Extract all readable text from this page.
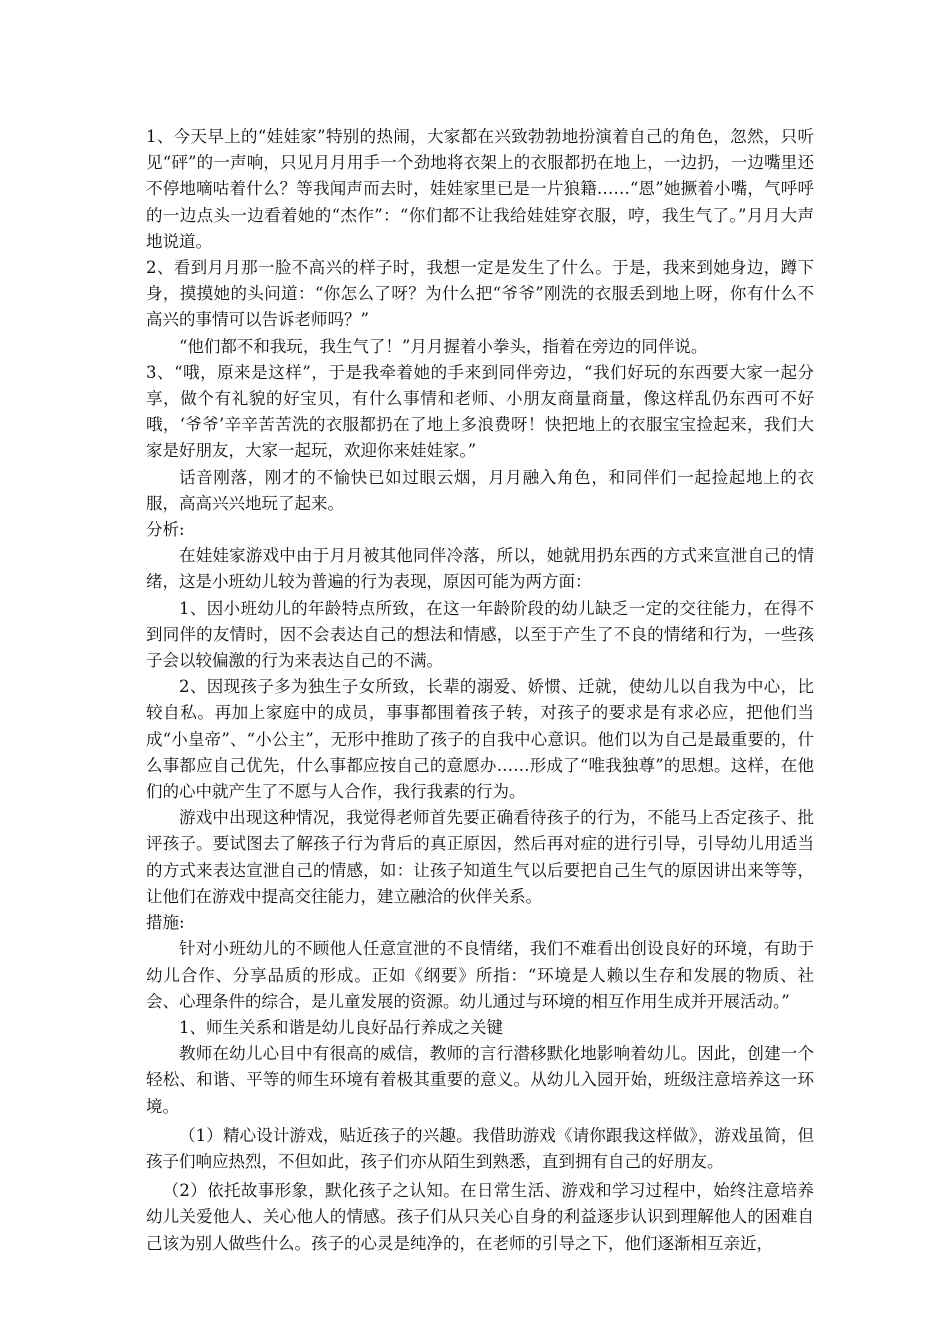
1、今天早上的“娃娃家”特别的热闹，大家都在兴致勃勃地扮演着自己的角色，忽然，只听见“砰”的一声响，只见月月用手一个劲地将衣架上的衣服都扔在地上，一边扔，一边嘴里还不停地嘀咕着什么？等我闻声而去时，娃娃家里已是一片狼籍……“恩”她撅着小嘴，气呼呼的一边点头一边看着她的“杰作”：“你们都不让我给娃娃穿衣服，哼，我生气了。”月月大声地说道。

2、看到月月那一脸不高兴的样子时，我想一定是发生了什么。于是，我来到她身边，蹲下身，摸摸她的头问道：“你怎么了呀？为什么把“爷爷”刚洗的衣服丢到地上呀，你有什么不高兴的事情可以告诉老师吗？”

“他们都不和我玩，我生气了！”月月握着小拳头，指着在旁边的同伴说。

3、“哦，原来是这样”，于是我牵着她的手来到同伴旁边，“我们好玩的东西要大家一起分享，做个有礼貌的好宝贝，有什么事情和老师、小朋友商量商量，像这样乱仍东西可不好哦，‘爷爷’辛辛苦苦洗的衣服都扔在了地上多浪费呀！快把地上的衣服宝宝捡起来，我们大家是好朋友，大家一起玩，欢迎你来娃娃家。”

话音刚落，刚才的不愉快已如过眼云烟，月月融入角色，和同伴们一起捡起地上的衣服，高高兴兴地玩了起来。

分析:

在娃娃家游戏中由于月月被其他同伴冷落，所以，她就用扔东西的方式来宣泄自己的情绪，这是小班幼儿较为普遍的行为表现，原因可能为两方面：

1、因小班幼儿的年龄特点所致，在这一年龄阶段的幼儿缺乏一定的交往能力，在得不到同伴的友情时，因不会表达自己的想法和情感，以至于产生了不良的情绪和行为，一些孩子会以较偏激的行为来表达自己的不满。

2、因现孩子多为独生子女所致，长辈的溺爱、娇惯、迁就，使幼儿以自我为中心，比较自私。再加上家庭中的成员，事事都围着孩子转，对孩子的要求是有求必应，把他们当成“小皇帝”、“小公主”，无形中推助了孩子的自我中心意识。他们以为自己是最重要的，什么事都应自己优先，什么事都应按自己的意愿办……形成了“唯我独尊”的思想。这样，在他们的心中就产生了不愿与人合作，我行我素的行为。

游戏中出现这种情况，我觉得老师首先要正确看待孩子的行为，不能马上否定孩子、批评孩子。要试图去了解孩子行为背后的真正原因，然后再对症的进行引导，引导幼儿用适当的方式来表达宣泄自己的情感，如：让孩子知道生气以后要把自己生气的原因讲出来等等，让他们在游戏中提高交往能力，建立融洽的伙伴关系。

措施:

针对小班幼儿的不顾他人任意宣泄的不良情绪，我们不难看出创设良好的环境，有助于幼儿合作、分享品质的形成。正如《纲要》所指：“环境是人赖以生存和发展的物质、社会、心理条件的综合，是儿童发展的资源。幼儿通过与环境的相互作用生成并开展活动。”

1、师生关系和谐是幼儿良好品行养成之关键

教师在幼儿心目中有很高的威信，教师的言行潜移默化地影响着幼儿。因此，创建一个轻松、和谐、平等的师生环境有着极其重要的意义。从幼儿入园开始，班级注意培养这一环境。

（1）精心设计游戏，贴近孩子的兴趣。我借助游戏《请你跟我这样做》，游戏虽简，但孩子们响应热烈，不但如此，孩子们亦从陌生到熟悉，直到拥有自己的好朋友。

（2）依托故事形象，默化孩子之认知。在日常生活、游戏和学习过程中，始终注意培养幼儿关爱他人、关心他人的情感。孩子们从只关心自身的利益逐步认识到理解他人的困难自己该为别人做些什么。孩子的心灵是纯净的，在老师的引导之下，他们逐渐相互亲近，
